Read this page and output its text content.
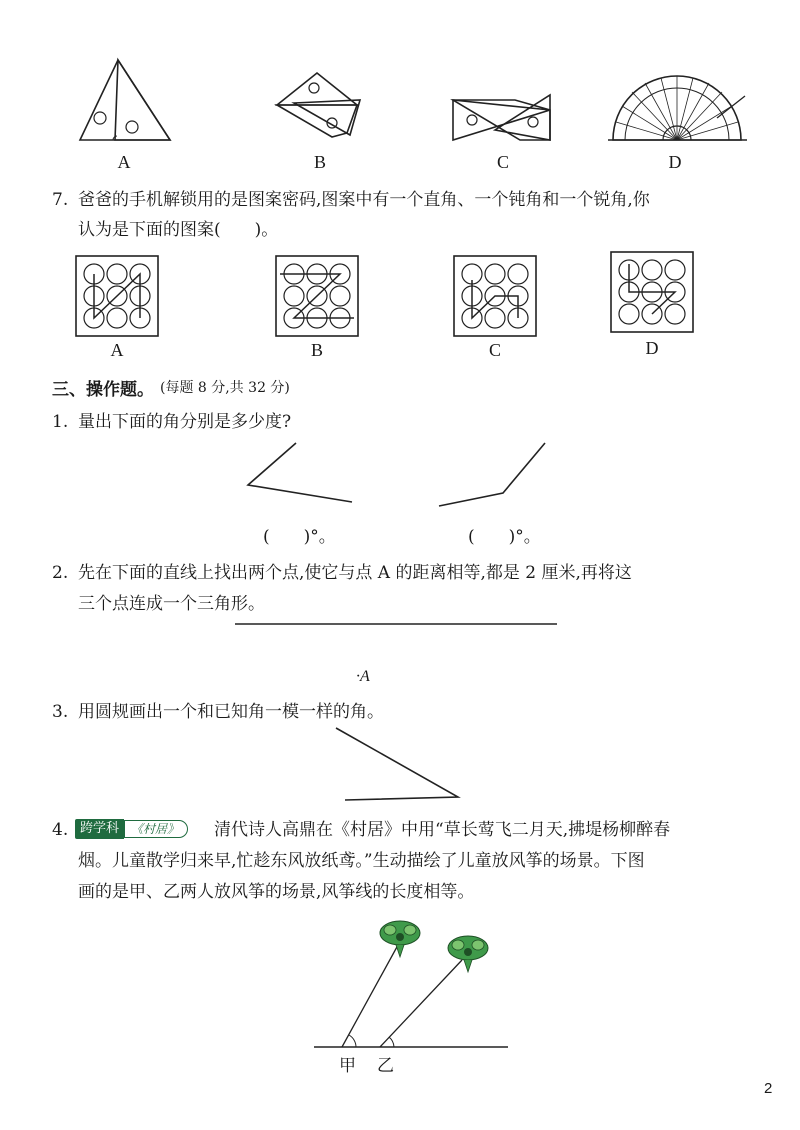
A	B	C	D
7. 爸爸的手机解锁用的是图案密码,图案中有一个直角、一个钝角和一个锐角,你
认为是下面的图案(　　)。
A	B	C	D
三、操作题。 (每题 8 分,共 32 分)
1. 量出下面的角分别是多少度?
(　　)°。	(　　)°。
2. 先在下面的直线上找出两个点,使它与点 A 的距离相等,都是 2 厘米,再将这
三个点连成一个三角形。
·A
3. 用圆规画出一个和已知角一模一样的角。
4. 跨学科	《村居》	清代诗人高鼎在《村居》中用“草长莺飞二月天,拂堤杨柳醉春
烟。儿童散学归来早,忙趁东风放纸鸢。”生动描绘了儿童放风筝的场景。下图
画的是甲、乙两人放风筝的场景,风筝线的长度相等。
甲 乙
2
